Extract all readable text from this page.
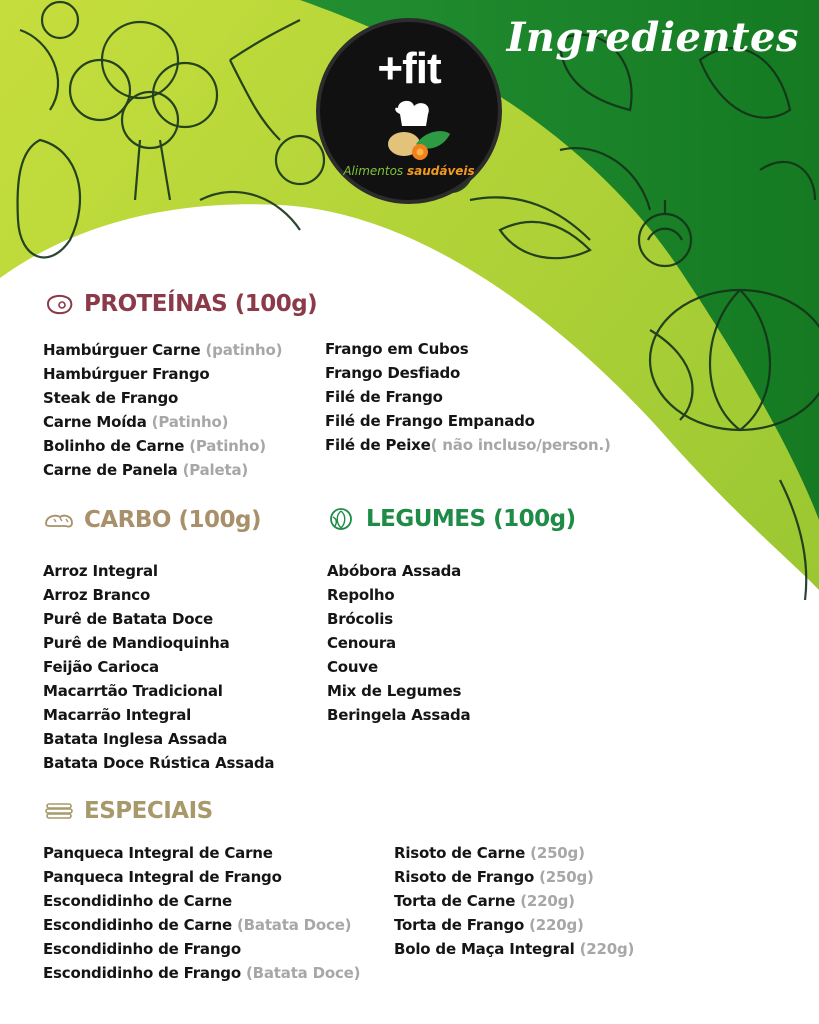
Ingredientes
+fit
Alimentos saudáveis
PROTEÍNAS (100g)
Hambúrguer Carne (patinho)
Hambúrguer Frango
Steak de Frango
Carne Moída (Patinho)
Bolinho de Carne (Patinho)
Carne de Panela (Paleta)
Frango em Cubos
Frango Desfiado
Filé de Frango
Filé de Frango Empanado
Filé de Peixe( não incluso/person.)
CARBO (100g)
Arroz Integral
Arroz Branco
Purê de Batata Doce
Purê de Mandioquinha
Feijão Carioca
Macarrtão Tradicional
Macarrão Integral
Batata Inglesa Assada
Batata Doce Rústica Assada
LEGUMES (100g)
Abóbora Assada
Repolho
Brócolis
Cenoura
Couve
Mix de Legumes
Beringela Assada
ESPECIAIS
Panqueca Integral de Carne
Panqueca Integral de Frango
Escondidinho de Carne
Escondidinho de Carne (Batata Doce)
Escondidinho de Frango
Escondidinho de Frango (Batata Doce)
Risoto de Carne (250g)
Risoto de Frango (250g)
Torta de Carne (220g)
Torta de Frango (220g)
Bolo de Maça Integral (220g)
